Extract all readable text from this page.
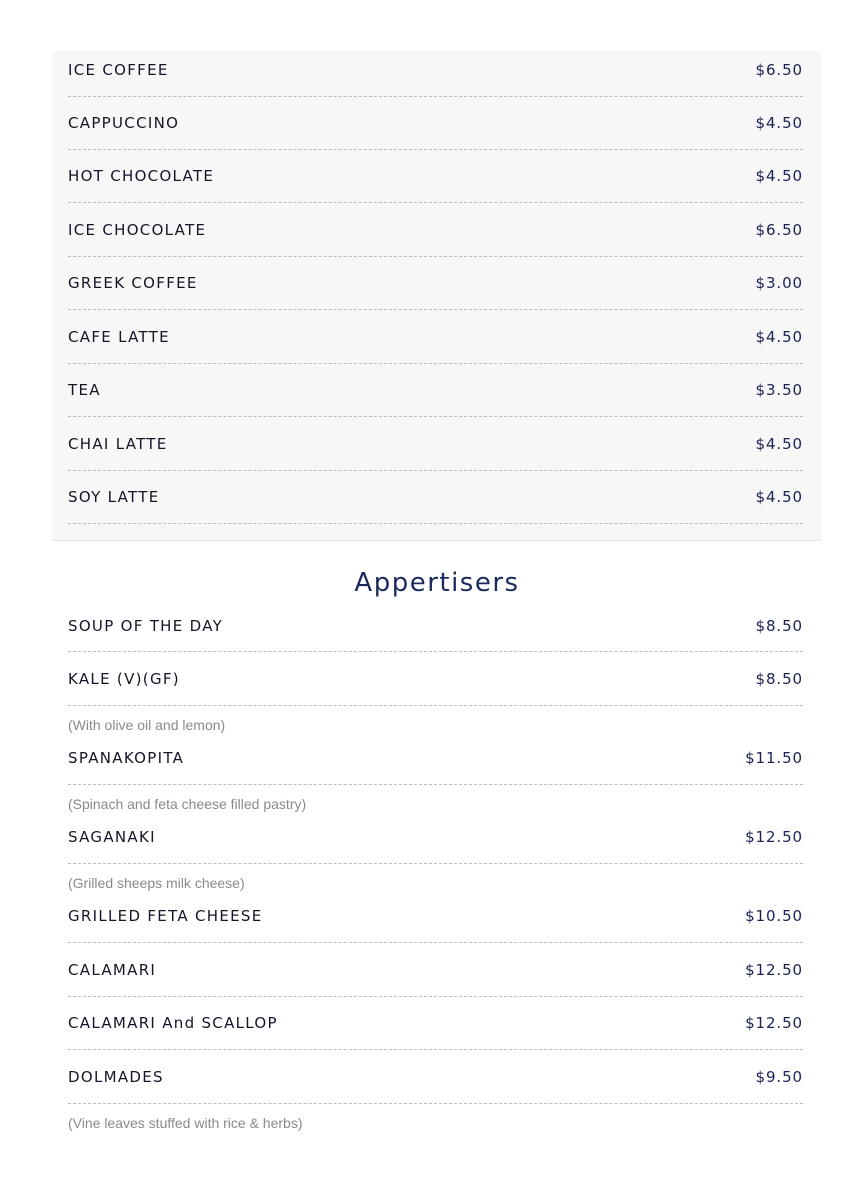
ICE COFFEE	$6.50
CAPPUCCINO	$4.50
HOT CHOCOLATE	$4.50
ICE CHOCOLATE	$6.50
GREEK COFFEE	$3.00
CAFE LATTE	$4.50
TEA	$3.50
CHAI LATTE	$4.50
SOY LATTE	$4.50
Appertisers
SOUP OF THE DAY	$8.50
KALE (V)(GF)	$8.50
(With olive oil and lemon)
SPANAKOPITA	$11.50
(Spinach and feta cheese filled pastry)
SAGANAKI	$12.50
(Grilled sheeps milk cheese)
GRILLED FETA CHEESE	$10.50
CALAMARI	$12.50
CALAMARI And SCALLOP	$12.50
DOLMADES	$9.50
(Vine leaves stuffed with rice & herbs)
